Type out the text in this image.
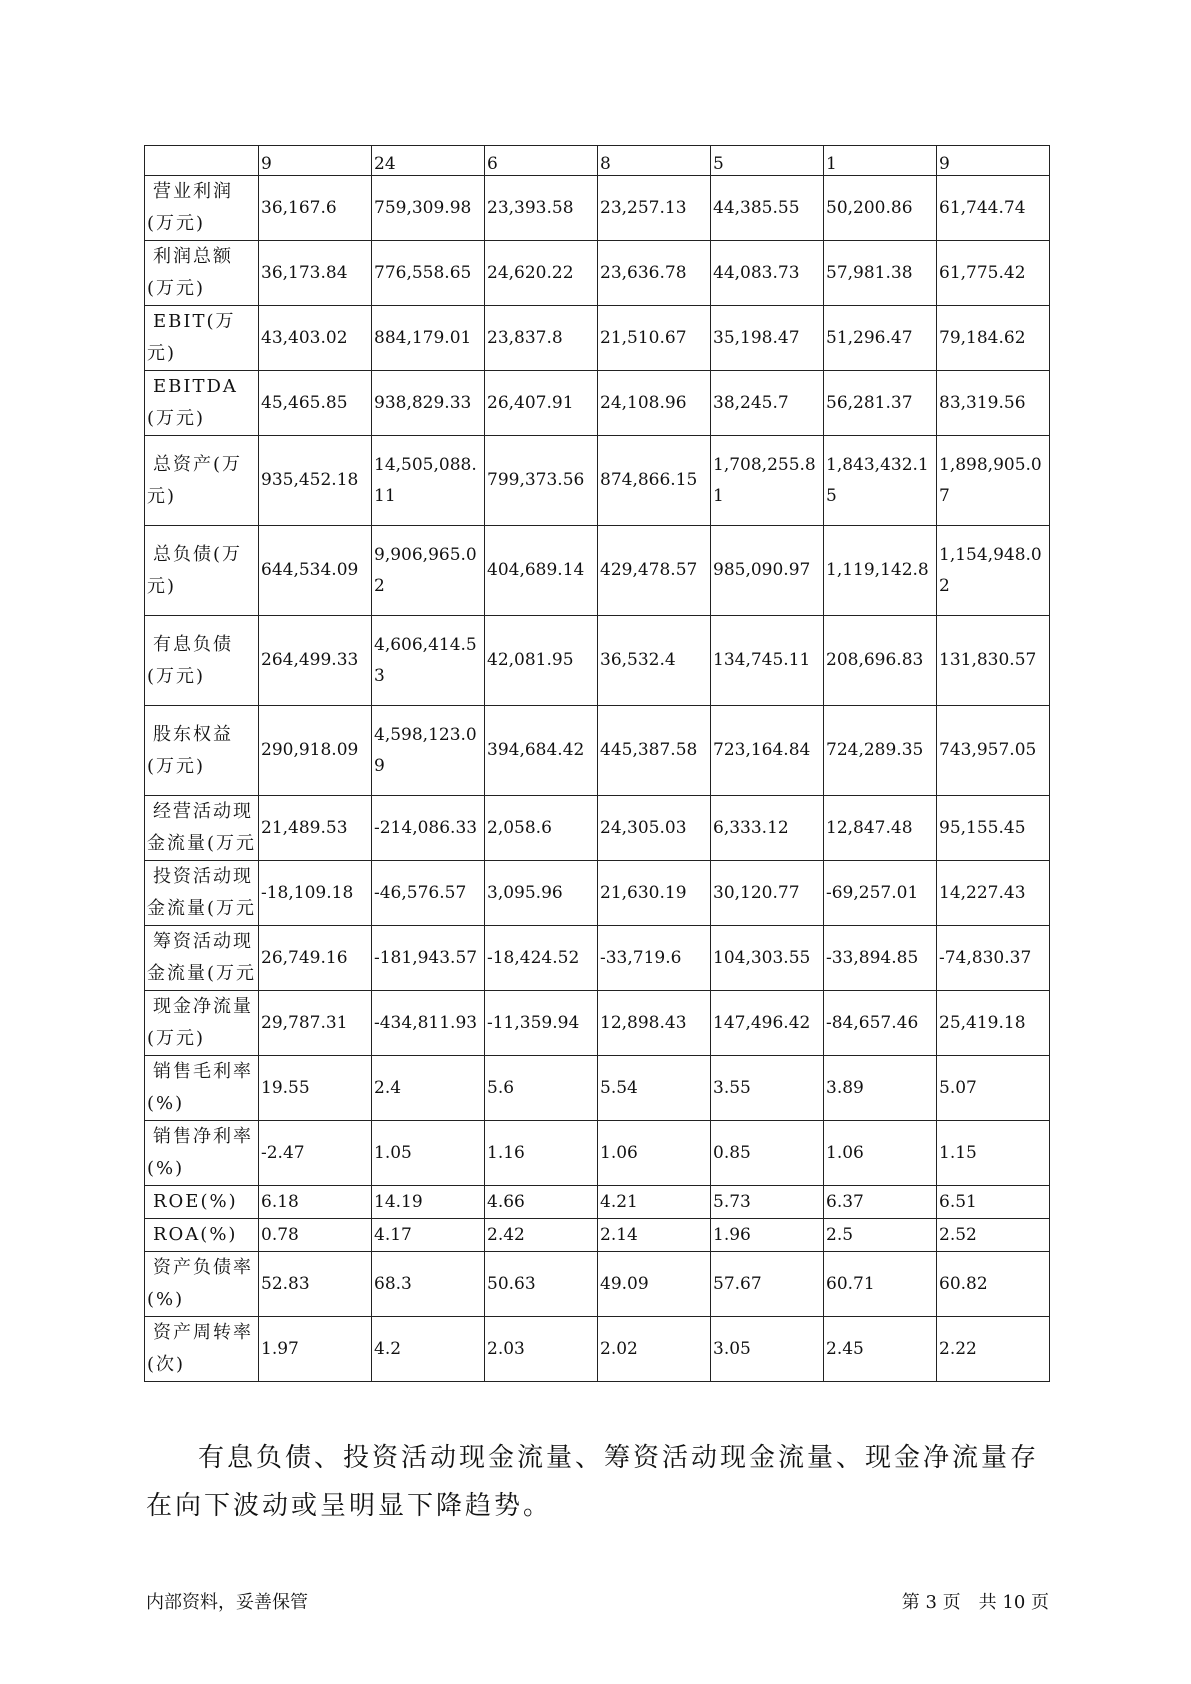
	9	24	6	8	5	1	9

营业利润(万元)	36,167.6	759,309.98	23,393.58	23,257.13	44,385.55	50,200.86	61,744.74

利润总额(万元)	36,173.84	776,558.65	24,620.22	23,636.78	44,083.73	57,981.38	61,775.42

EBIT(万元)	43,403.02	884,179.01	23,837.8	21,510.67	35,198.47	51,296.47	79,184.62

EBITDA(万元)	45,465.85	938,829.33	26,407.91	24,108.96	38,245.7	56,281.37	83,319.56

总资产(万元)	935,452.18	14,505,088.11	799,373.56	874,866.15	1,708,255.81	1,843,432.15	1,898,905.07

总负债(万元)	644,534.09	9,906,965.02	404,689.14	429,478.57	985,090.97	1,119,142.8	1,154,948.02

有息负债(万元)	264,499.33	4,606,414.53	42,081.95	36,532.4	134,745.11	208,696.83	131,830.57

股东权益(万元)	290,918.09	4,598,123.09	394,684.42	445,387.58	723,164.84	724,289.35	743,957.05

经营活动现金流量(万元	21,489.53	-214,086.33	2,058.6	24,305.03	6,333.12	12,847.48	95,155.45

投资活动现金流量(万元	-18,109.18	-46,576.57	3,095.96	21,630.19	30,120.77	-69,257.01	14,227.43

筹资活动现金流量(万元	26,749.16	-181,943.57	-18,424.52	-33,719.6	104,303.55	-33,894.85	-74,830.37

现金净流量(万元)	29,787.31	-434,811.93	-11,359.94	12,898.43	147,496.42	-84,657.46	25,419.18

销售毛利率(%)	19.55	2.4	5.6	5.54	3.55	3.89	5.07

销售净利率(%)	-2.47	1.05	1.16	1.06	0.85	1.06	1.15

ROE(%)	6.18	14.19	4.66	4.21	5.73	6.37	6.51

ROA(%)	0.78	4.17	2.42	2.14	1.96	2.5	2.52

资产负债率(%)	52.83	68.3	50.63	49.09	57.67	60.71	60.82

资产周转率(次)	1.97	4.2	2.03	2.02	3.05	2.45	2.22
有息负债、投资活动现金流量、筹资活动现金流量、现金净流量存在向下波动或呈明显下降趋势。
内部资料，妥善保管	第 3 页　共 10 页
